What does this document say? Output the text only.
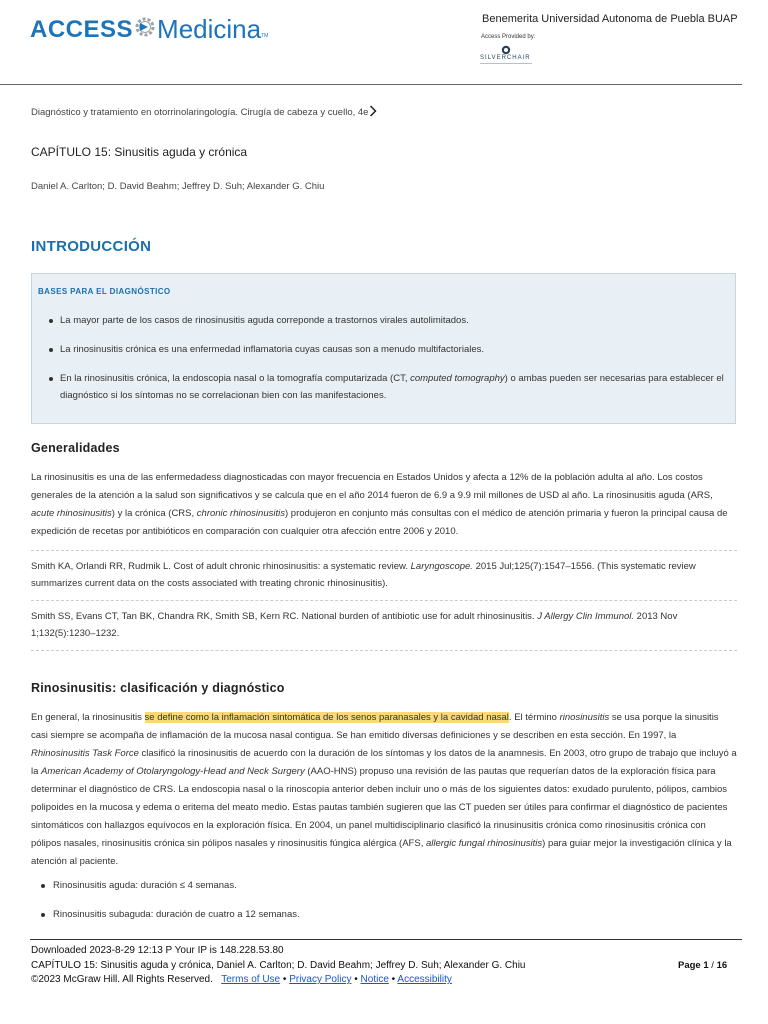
ACCESS Medicina TM
Benemerita Universidad Autonoma de Puebla BUAP
Access Provided by:
SILVERCHAIR
Diagnóstico y tratamiento en otorrinolaringología. Cirugía de cabeza y cuello, 4e
CAPÍTULO 15: Sinusitis aguda y crónica
Daniel A. Carlton; D. David Beahm; Jeffrey D. Suh; Alexander G. Chiu
INTRODUCCIÓN
BASES PARA EL DIAGNÓSTICO
La mayor parte de los casos de rinosinusitis aguda correponde a trastornos virales autolimitados.
La rinosinusitis crónica es una enfermedad inflamatoria cuyas causas son a menudo multifactoriales.
En la rinosinusitis crónica, la endoscopia nasal o la tomografía computarizada (CT, computed tomography) o ambas pueden ser necesarias para establecer el diagnóstico si los síntomas no se correlacionan bien con las manifestaciones.
Generalidades
La rinosinusitis es una de las enfermedadess diagnosticadas con mayor frecuencia en Estados Unidos y afecta a 12% de la población adulta al año. Los costos generales de la atención a la salud son significativos y se calcula que en el año 2014 fueron de 6.9 a 9.9 mil millones de USD al año. La rinosinusitis aguda (ARS, acute rhinosinusitis) y la crónica (CRS, chronic rhinosinusitis) produjeron en conjunto más consultas con el médico de atención primaria y fueron la principal causa de expedición de recetas por antibióticos en comparación con cualquier otra afección entre 2006 y 2010.
Smith KA, Orlandi RR, Rudmik L. Cost of adult chronic rhinosinusitis: a systematic review. Laryngoscope. 2015 Jul;125(7):1547–1556. (This systematic review summarizes current data on the costs associated with treating chronic rhinosinusitis).
Smith SS, Evans CT, Tan BK, Chandra RK, Smith SB, Kern RC. National burden of antibiotic use for adult rhinosinusitis. J Allergy Clin Immunol. 2013 Nov 1;132(5):1230–1232.
Rinosinusitis: clasificación y diagnóstico
En general, la rinosinusitis se define como la inflamación sintomática de los senos paranasales y la cavidad nasal. El término rinosinusitis se usa porque la sinusitis casi siempre se acompaña de inflamación de la mucosa nasal contigua. Se han emitido diversas definiciones y se describen en esta sección. En 1997, la Rhinosinusitis Task Force clasificó la rinosinusitis de acuerdo con la duración de los síntomas y los datos de la anamnesis. En 2003, otro grupo de trabajo que incluyó a la American Academy of Otolaryngology-Head and Neck Surgery (AAO-HNS) propuso una revisión de las pautas que requerían datos de la exploración física para determinar el diagnóstico de CRS. La endoscopia nasal o la rinoscopia anterior deben incluir uno o más de los siguientes datos: exudado purulento, pólipos, cambios polipoides en la mucosa y edema o eritema del meato medio. Estas pautas también sugieren que las CT pueden ser útiles para confirmar el diagnóstico de pacientes sintomáticos con hallazgos equívocos en la exploración física. En 2004, un panel multidisciplinario clasificó la rinusinusitis crónica como rinosinusitis crónica con pólipos nasales, rinosinusitis crónica sin pólipos nasales y rinosinusitis fúngica alérgica (AFS, allergic fungal rhinosinusitis) para guiar mejor la investigación clínica y la atención al paciente.
Rinosinusitis aguda: duración ≤ 4 semanas.
Rinosinusitis subaguda: duración de cuatro a 12 semanas.
Downloaded 2023-8-29 12:13 P Your IP is 148.228.53.80
CAPÍTULO 15: Sinusitis aguda y crónica, Daniel A. Carlton; D. David Beahm; Jeffrey D. Suh; Alexander G. Chiu
©2023 McGraw Hill. All Rights Reserved. Terms of Use • Privacy Policy • Notice • Accessibility
Page 1 / 16
